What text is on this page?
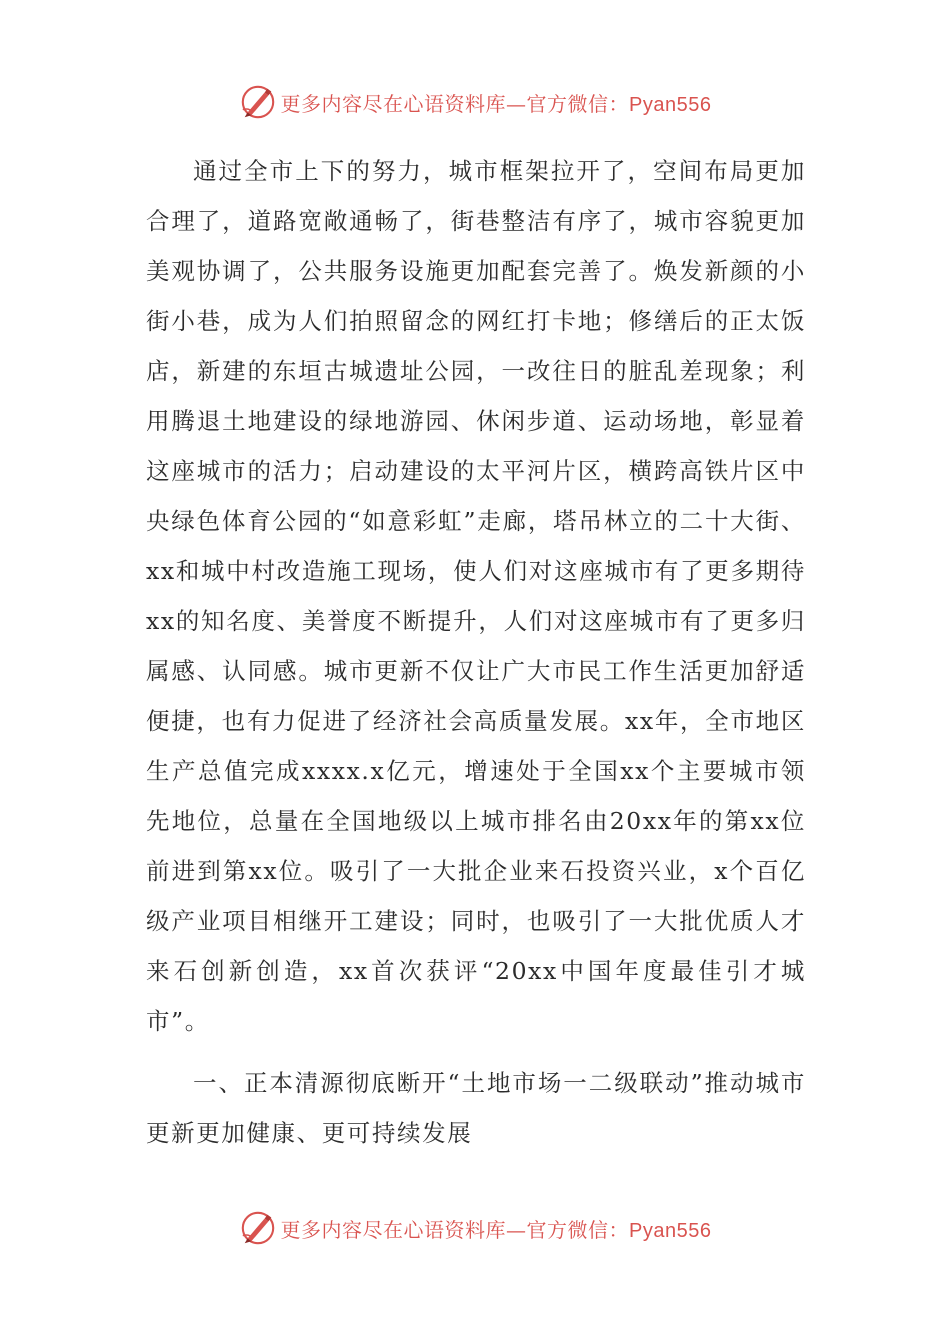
更多内容尽在心语资料库—官方微信：Pyan556

通过全市上下的努力，城市框架拉开了，空间布局更加合理了，道路宽敞通畅了，街巷整洁有序了，城市容貌更加美观协调了，公共服务设施更加配套完善了。焕发新颜的小街小巷，成为人们拍照留念的网红打卡地；修缮后的正太饭店，新建的东垣古城遗址公园，一改往日的脏乱差现象；利用腾退土地建设的绿地游园、休闲步道、运动场地，彰显着这座城市的活力；启动建设的太平河片区，横跨高铁片区中央绿色体育公园的“如意彩虹”走廊，塔吊林立的二十大街、xx和城中村改造施工现场，使人们对这座城市有了更多期待xx的知名度、美誉度不断提升，人们对这座城市有了更多归属感、认同感。城市更新不仅让广大市民工作生活更加舒适便捷，也有力促进了经济社会高质量发展。xx年，全市地区生产总值完成xxxx.x亿元，增速处于全国xx个主要城市领先地位，总量在全国地级以上城市排名由20xx年的第xx位前进到第xx位。吸引了一大批企业来石投资兴业，x个百亿级产业项目相继开工建设；同时，也吸引了一大批优质人才来石创新创造，xx首次获评“20xx中国年度最佳引才城市”。

一、正本清源彻底断开“土地市场一二级联动”推动城市更新更加健康、更可持续发展

更多内容尽在心语资料库—官方微信：Pyan556
